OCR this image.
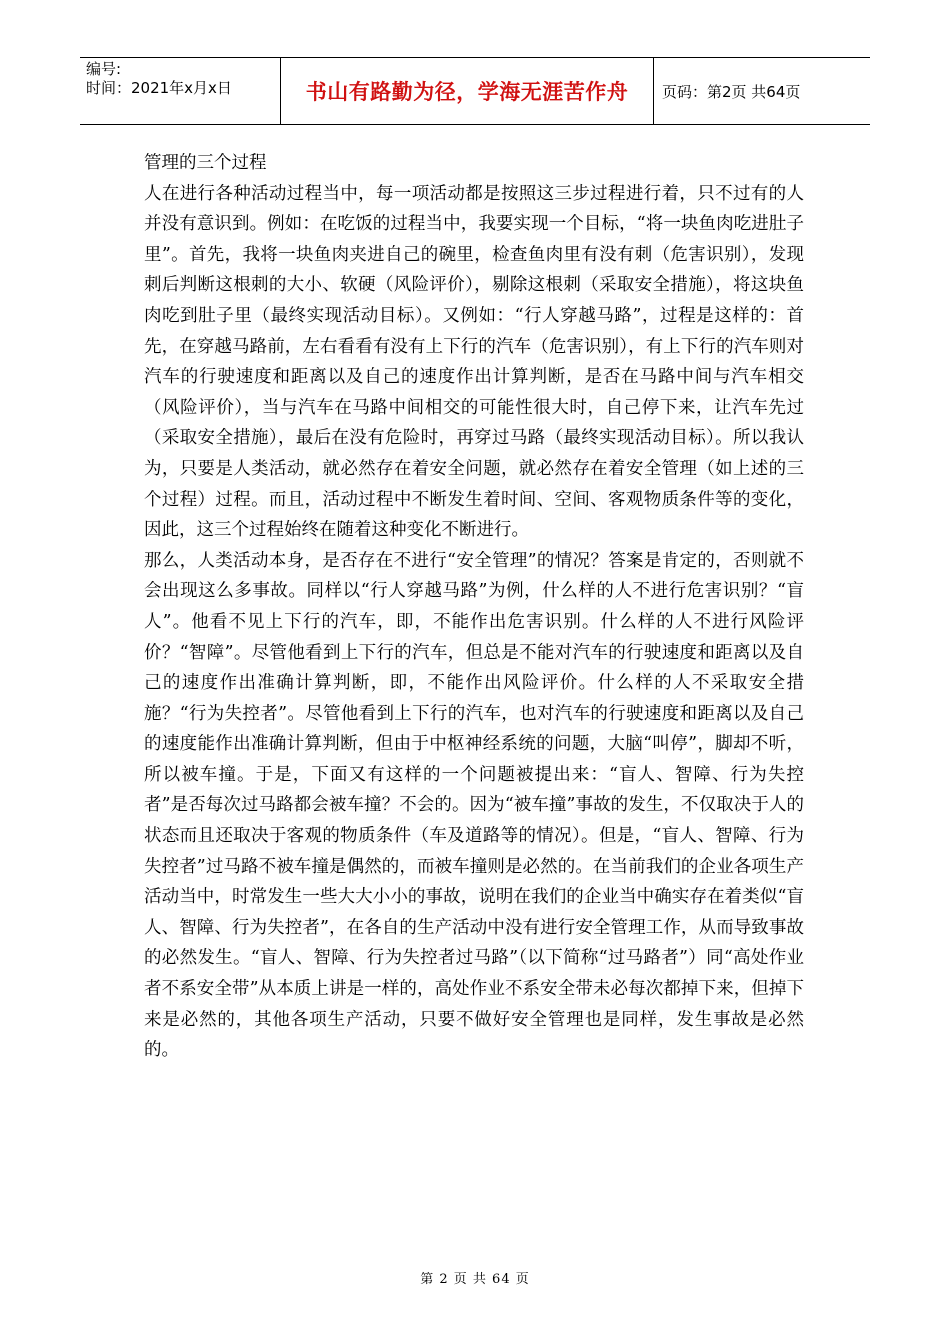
编号:
时间：2021年x月x日	书山有路勤为径，学海无涯苦作舟	页码：第2页 共64页
管理的三个过程

人在进行各种活动过程当中，每一项活动都是按照这三步过程进行着，只不过有的人并没有意识到。例如：在吃饭的过程当中，我要实现一个目标，“将一块鱼肉吃进肚子里”。首先，我将一块鱼肉夹进自己的碗里，检查鱼肉里有没有刺（危害识别），发现刺后判断这根刺的大小、软硬（风险评价），剔除这根刺（采取安全措施），将这块鱼肉吃到肚子里（最终实现活动目标）。又例如：“行人穿越马路”，过程是这样的：首先，在穿越马路前，左右看看有没有上下行的汽车（危害识别），有上下行的汽车则对汽车的行驶速度和距离以及自己的速度作出计算判断，是否在马路中间与汽车相交（风险评价），当与汽车在马路中间相交的可能性很大时，自己停下来，让汽车先过（采取安全措施），最后在没有危险时，再穿过马路（最终实现活动目标）。所以我认为，只要是人类活动，就必然存在着安全问题，就必然存在着安全管理（如上述的三个过程）过程。而且，活动过程中不断发生着时间、空间、客观物质条件等的变化，因此，这三个过程始终在随着这种变化不断进行。

那么，人类活动本身，是否存在不进行“安全管理”的情况？答案是肯定的，否则就不会出现这么多事故。同样以“行人穿越马路”为例，什么样的人不进行危害识别？“盲人”。他看不见上下行的汽车，即，不能作出危害识别。什么样的人不进行风险评价？“智障”。尽管他看到上下行的汽车，但总是不能对汽车的行驶速度和距离以及自己的速度作出准确计算判断，即，不能作出风险评价。什么样的人不采取安全措施？“行为失控者”。尽管他看到上下行的汽车，也对汽车的行驶速度和距离以及自己的速度能作出准确计算判断，但由于中枢神经系统的问题，大脑“叫停”，脚却不听，所以被车撞。于是，下面又有这样的一个问题被提出来：“盲人、智障、行为失控者”是否每次过马路都会被车撞？不会的。因为“被车撞”事故的发生，不仅取决于人的状态而且还取决于客观的物质条件（车及道路等的情况）。但是，“盲人、智障、行为失控者”过马路不被车撞是偶然的，而被车撞则是必然的。在当前我们的企业各项生产活动当中，时常发生一些大大小小的事故，说明在我们的企业当中确实存在着类似“盲人、智障、行为失控者”，在各自的生产活动中没有进行安全管理工作，从而导致事故的必然发生。“盲人、智障、行为失控者过马路”（以下简称“过马路者”）同“高处作业者不系安全带”从本质上讲是一样的，高处作业不系安全带未必每次都掉下来，但掉下来是必然的，其他各项生产活动，只要不做好安全管理也是同样，发生事故是必然的。

第 2 页 共 64 页
